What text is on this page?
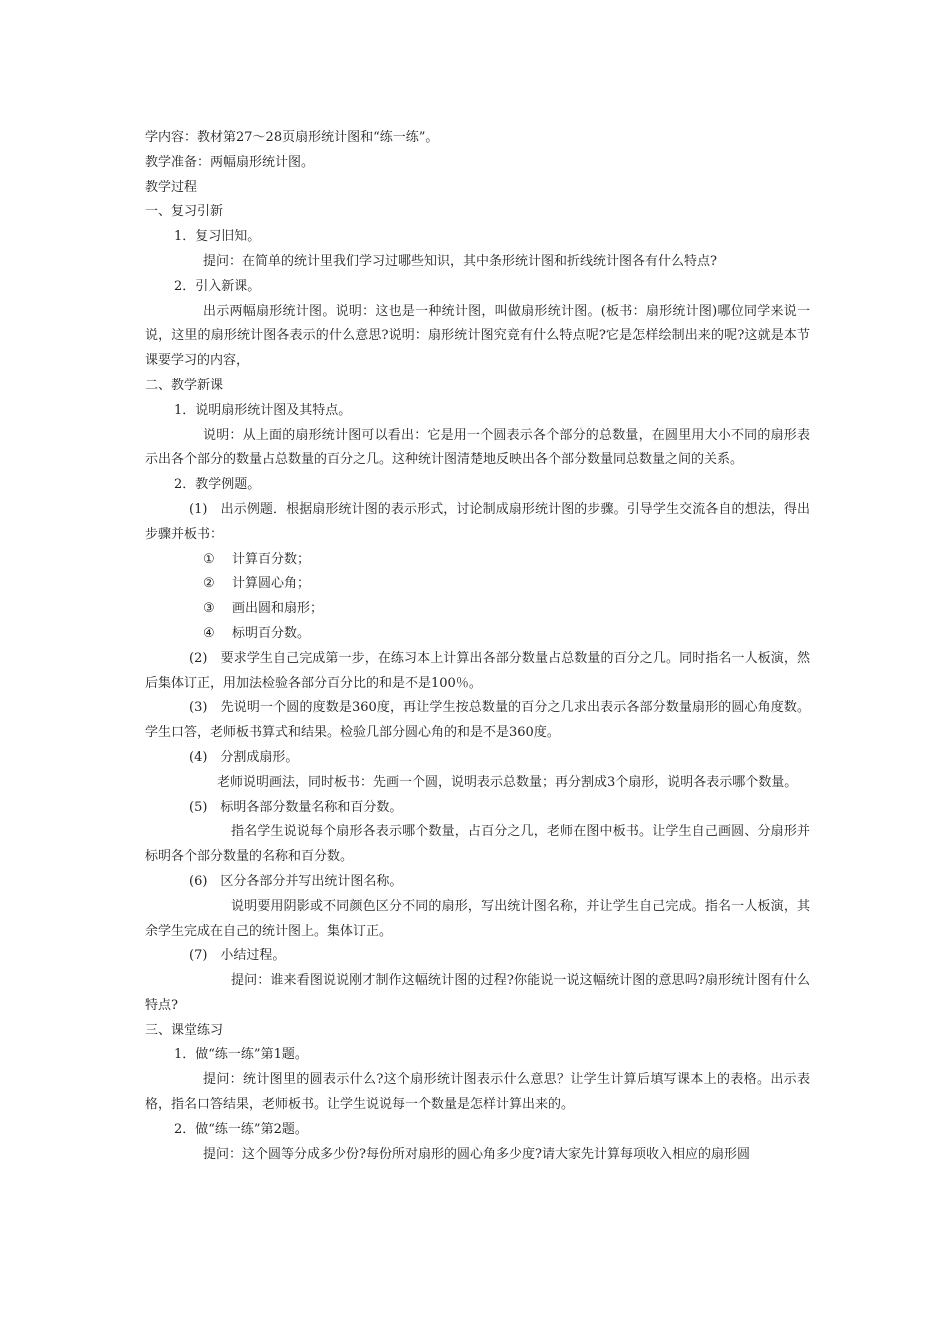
学内容：教材第27～28页扇形统计图和“练一练”。
教学准备：两幅扇形统计图。
教学过程
一、复习引新
1．复习旧知。
提问：在简单的统计里我们学习过哪些知识，其中条形统计图和折线统计图各有什么特点?
2．引入新课。
出示两幅扇形统计图。说明：这也是一种统计图，叫做扇形统计图。(板书：扇形统计图)哪位同学来说一说，这里的扇形统计图各表示的什么意思?说明：扇形统计图究竟有什么特点呢?它是怎样绘制出来的呢?这就是本节课要学习的内容，
二、教学新课
1．说明扇形统计图及其特点。
说明：从上面的扇形统计图可以看出：它是用一个圆表示各个部分的总数量，在圆里用大小不同的扇形表示出各个部分的数量占总数量的百分之几。这种统计图清楚地反映出各个部分数量同总数量之间的关系。
2．教学例题。
(1)　出示例题．根据扇形统计图的表示形式，讨论制成扇形统计图的步骤。引导学生交流各自的想法，得出步骤并板书：
① 计算百分数；
② 计算圆心角；
③ 画出圆和扇形；
④ 标明百分数。
(2)　要求学生自己完成第一步，在练习本上计算出各部分数量占总数量的百分之几。同时指名一人板演，然后集体订正，用加法检验各部分百分比的和是不是100％。
(3)　先说明一个圆的度数是360度，再让学生按总数量的百分之几求出表示各部分数量扇形的圆心角度数。学生口答，老师板书算式和结果。检验几部分圆心角的和是不是360度。
(4)　分割成扇形。
老师说明画法，同时板书：先画一个圆，说明表示总数量；再分割成3个扇形，说明各表示哪个数量。
(5)　标明各部分数量名称和百分数。
指名学生说说每个扇形各表示哪个数量，占百分之几，老师在图中板书。让学生自己画圆、分扇形并标明各个部分数量的名称和百分数。
(6)　区分各部分并写出统计图名称。
说明要用阴影或不同颜色区分不同的扇形，写出统计图名称，并让学生自己完成。指名一人板演，其余学生完成在自己的统计图上。集体订正。
(7)　小结过程。
提问：谁来看图说说刚才制作这幅统计图的过程?你能说一说这幅统计图的意思吗?扇形统计图有什么特点?
三、课堂练习
1．做“练一练”第1题。
提问：统计图里的圆表示什么?这个扇形统计图表示什么意思？让学生计算后填写课本上的表格。出示表格，指名口答结果，老师板书。让学生说说每一个数量是怎样计算出来的。
2．做“练一练”第2题。
提问：这个圆等分成多少份?每份所对扇形的圆心角多少度?请大家先计算每项收入相应的扇形圆
